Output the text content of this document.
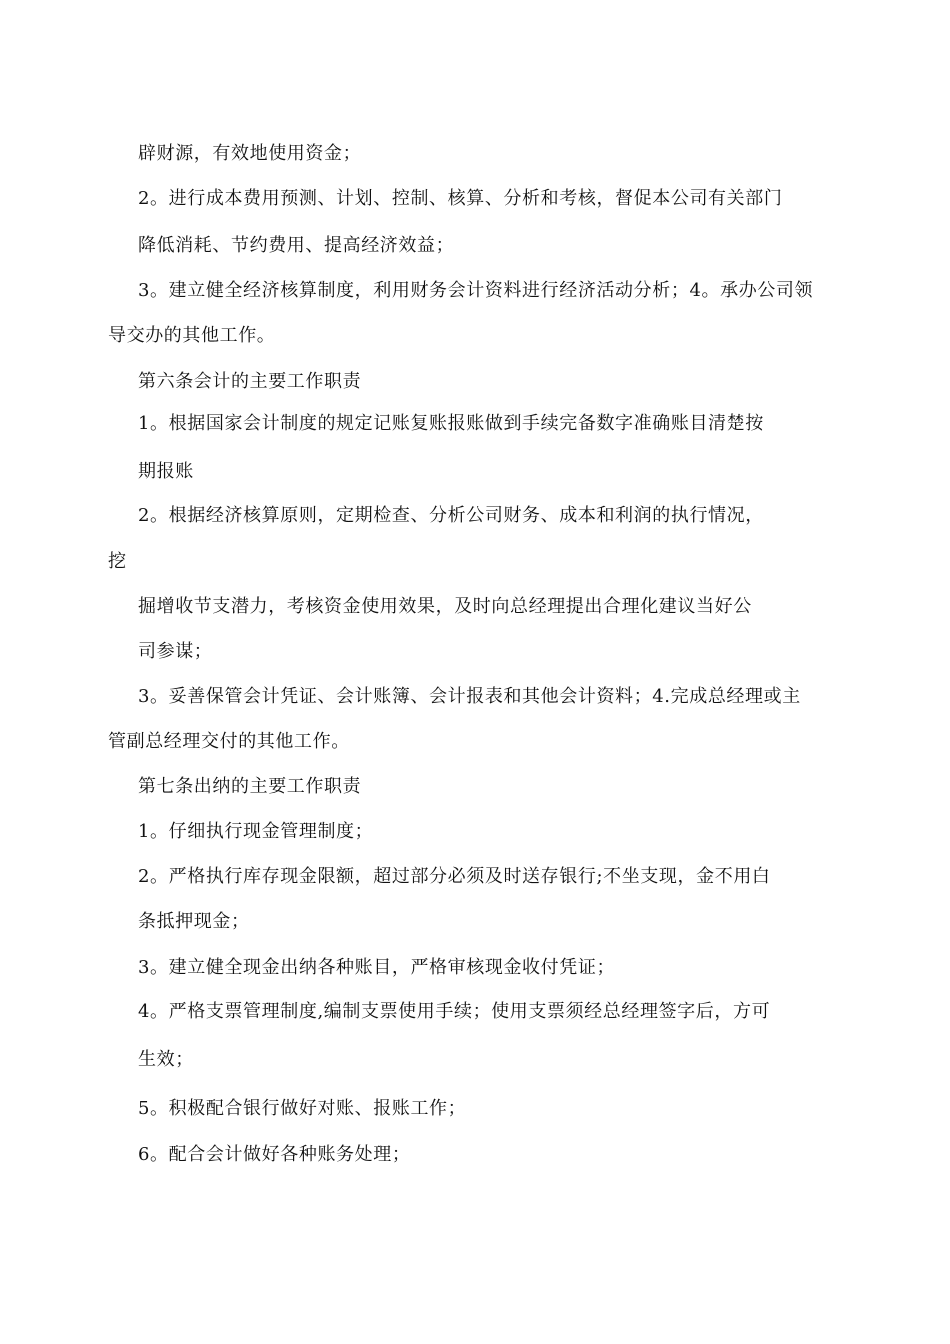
辟财源，有效地使用资金；
2。进行成本费用预测、计划、控制、核算、分析和考核，督促本公司有关部门
降低消耗、节约费用、提高经济效益；
3。建立健全经济核算制度，利用财务会计资料进行经济活动分析；4。承办公司领
导交办的其他工作。
第六条会计的主要工作职责
1。根据国家会计制度的规定记账复账报账做到手续完备数字准确账目清楚按
期报账
2。根据经济核算原则，定期检查、分析公司财务、成本和利润的执行情况，
挖
掘增收节支潜力，考核资金使用效果，及时向总经理提出合理化建议当好公
司参谋；
3。妥善保管会计凭证、会计账簿、会计报表和其他会计资料；4.完成总经理或主
管副总经理交付的其他工作。
第七条出纳的主要工作职责
1。仔细执行现金管理制度；
2。严格执行库存现金限额，超过部分必须及时送存银行;不坐支现，金不用白
条抵押现金；
3。建立健全现金出纳各种账目，严格审核现金收付凭证；
4。严格支票管理制度,编制支票使用手续；使用支票须经总经理签字后，方可
生效；
5。积极配合银行做好对账、报账工作；
6。配合会计做好各种账务处理；
